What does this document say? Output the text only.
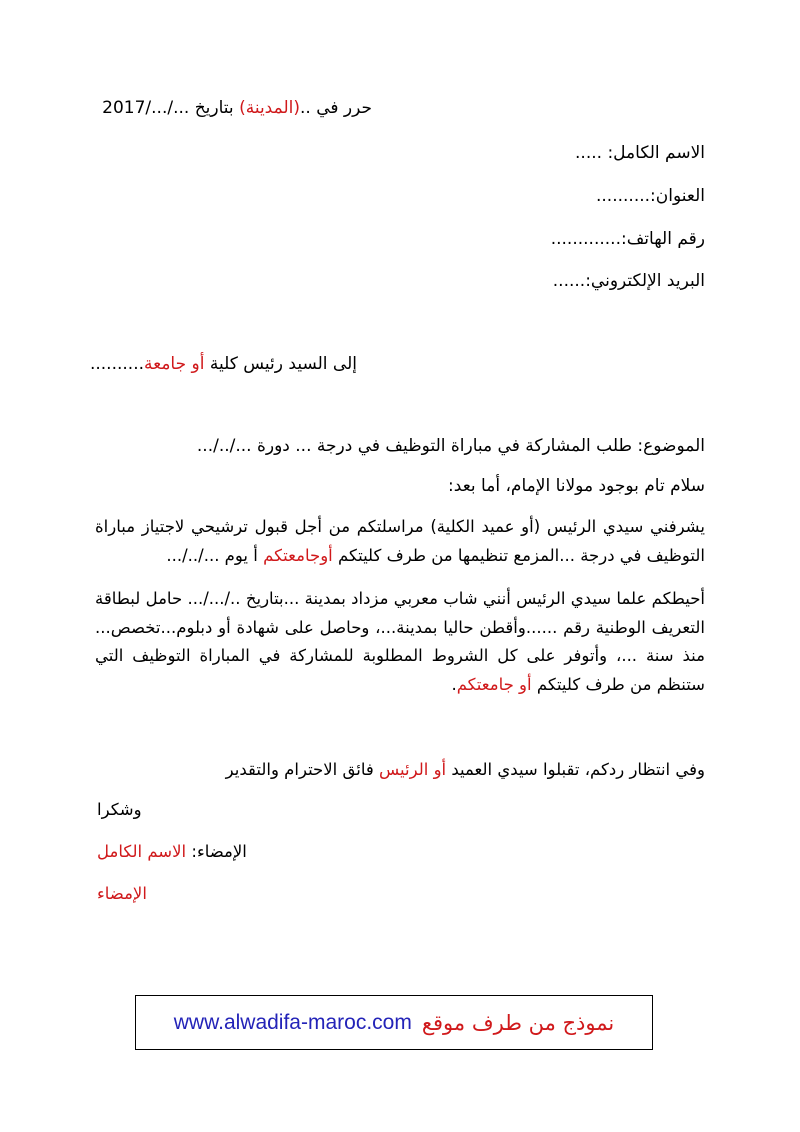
حرر في ..(المدينة) بتاريخ .../.../2017
الاسم الكامل: .....
العنوان:..........
رقم الهاتف:.............
البريد الإلكتروني:......
إلى السيد رئيس كلية أو جامعة..........
الموضوع: طلب المشاركة في مباراة التوظيف في درجة ... دورة .../../...
سلام تام بوجود مولانا الإمام، أما بعد:
يشرفني سيدي الرئيس (أو عميد الكلية) مراسلتكم من أجل قبول ترشيحي لاجتياز مباراة التوظيف في درجة ...المزمع تنظيمها من طرف كليتكم أوجامعتكم أ يوم .../../...
أحيطكم علما سيدي الرئيس أنني شاب معربي مزداد بمدينة ...بتاريخ ../.../... حامل لبطاقة التعريف الوطنية رقم ......وأقطن حاليا بمدينة...، وحاصل على شهادة أو دبلوم...تخصص... منذ سنة ...، وأتوفر على كل الشروط المطلوبة للمشاركة في المباراة التوظيف التي ستنظم من طرف كليتكم أو جامعتكم.
وفي انتظار ردكم، تقبلوا سيدي العميد أو الرئيس فائق الاحترام والتقدير
وشكرا
الإمضاء: الاسم الكامل
الإمضاء
نموذج من طرف موقع
www.alwadifa-maroc.com
